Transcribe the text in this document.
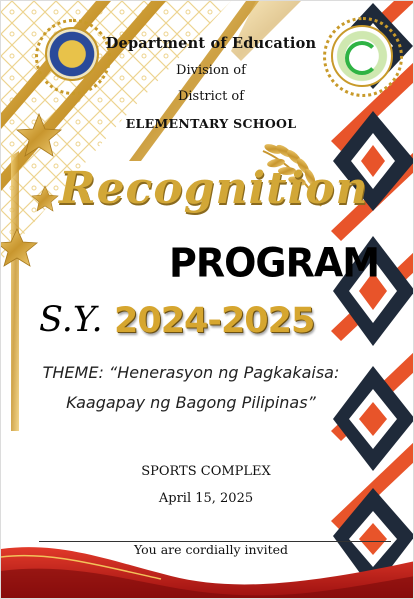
Department of Education
Division of
District of
ELEMENTARY SCHOOL
Recognition
PROGRAM
S.Y. 2024-2025
THEME: “Henerasyon ng Pagkakaisa:
Kaagapay ng Bagong Pilipinas”
SPORTS COMPLEX
April 15, 2025
You are cordially invited
